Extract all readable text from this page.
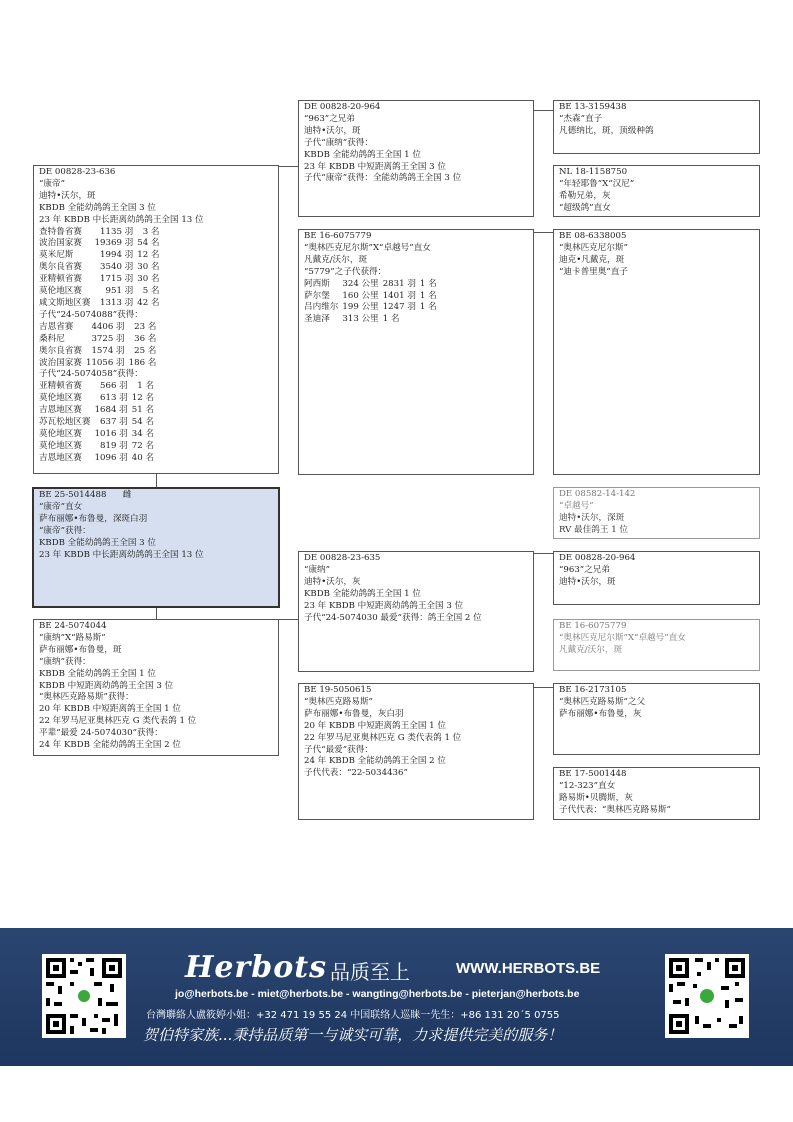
DE 00828-23-636
“康帝”
迪特•沃尔，斑
KBDB 全能幼鸽鸽王全国 3 位
23 年 KBDB 中长距离幼鸽鸽王全国 13 位
查特鲁省赛	1135 羽	3 名
波治国家赛	19369 羽	54 名
莫米尼斯	1994 羽	12 名
奥尔良省赛	3540 羽	30 名
亚精顿省赛	1715 羽	30 名
莫伦地区赛	951 羽	5 名
咸文斯地区赛	1313 羽	42 名
子代“24-5074088”获得：
吉恩省赛	4406 羽	23 名
桑科尼	3725 羽	36 名
奥尔良省赛	1574 羽	25 名
波治国家赛	11056 羽	186 名
子代“24-5074058”获得：
亚精顿省赛	566 羽	1 名
莫伦地区赛	613 羽	12 名
吉恩地区赛	1684 羽	51 名
苏瓦松地区赛	637 羽	54 名
莫伦地区赛	1016 羽	34 名
莫伦地区赛	819 羽	72 名
吉恩地区赛	1096 羽	40 名
BE 25-5014488 雌
“康帝”直女
萨布丽娜•布鲁曼，深斑白羽
“康帝”获得：
KBDB 全能幼鸽鸽王全国 3 位
23 年 KBDB 中长距离幼鸽鸽王全国 13 位
BE 24-5074044
“康纳”X“路易斯”
萨布丽娜•布鲁曼，斑
“康纳”获得：
KBDB 全能幼鸽鸽王全国 1 位
KBDB 中短距离幼鸽鸽王全国 3 位
“奥林匹克路易斯”获得：
20 年 KBDB 中短距离鸽王全国 1 位
22 年罗马尼亚奥林匹克 G 类代表鸽 1 位
平辈“最爱 24-5074030”获得：
24 年 KBDB 全能幼鸽鸽王全国 2 位
DE 00828-20-964
“963”之兄弟
迪特•沃尔，斑
子代“康纳”获得：
KBDB 全能幼鸽鸽王全国 1 位
23 年 KBDB 中短距离鸽王全国 3 位
子代“康帝”获得：全能幼鸽鸽王全国 3 位
BE 16-6075779
“奥林匹克尼尔斯”X“卓越号”直女
凡戴克/沃尔，斑
“5779”之子代获得：
阿西斯	324 公里	2831 羽	1 名
萨尔堡	160 公里	1401 羽	1 名
吕内维尔	199 公里	1247 羽	1 名
圣迪泽	313 公里	1 名	
DE 00828-23-635
“康纳”
迪特•沃尔，灰
KBDB 全能幼鸽鸽王全国 1 位
23 年 KBDB 中短距离幼鸽鸽王全国 3 位
子代“24-5074030 最爱”获得：鸽王全国 2 位
BE 19-5050615
“奥林匹克路易斯”
萨布丽娜•布鲁曼，灰白羽
20 年 KBDB 中短距离鸽王全国 1 位
22 年罗马尼亚奥林匹克 G 类代表鸽 1 位
子代“最爱”获得：
24 年 KBDB 全能幼鸽鸽王全国 2 位
子代代表：“22-5034436”
BE 13-3159438
“杰森”直子
凡德纳比，斑，顶级种鸽
NL 18-1158750
“年轻耶鲁”X“汉尼”
希勒兄弟，灰
“超级鸽”直女
BE 08-6338005
“奥林匹克尼尔斯”
迪克•凡戴克，斑
“迪卡普里奥”直子
DE 08582-14-142
“卓越号”
迪特•沃尔，深斑
RV 最佳鸽王 1 位
DE 00828-20-964
“963”之兄弟
迪特•沃尔，斑
BE 16-6075779
“奥林匹克尼尔斯”X“卓越号”直女
凡戴克/沃尔，斑
BE 16-2173105
“奥林匹克路易斯”之父
萨布丽娜•布鲁曼，灰
BE 17-5001448
“12-323”直女
路易斯•贝腾斯，灰
子代代表：“奥林匹克路易斯”
Herbots 品质至上	WWW.HERBOTS.BE
jo@herbots.be - miet@herbots.be - wangting@herbots.be - pieterjan@herbots.be
台灣聯絡人盧筱婷小姐：+32 471 19 55 24 中国联络人巡睐一先生：+86 131 20´5 0755
贺伯特家族...秉持品质第一与诚实可靠，力求提供完美的服务！
